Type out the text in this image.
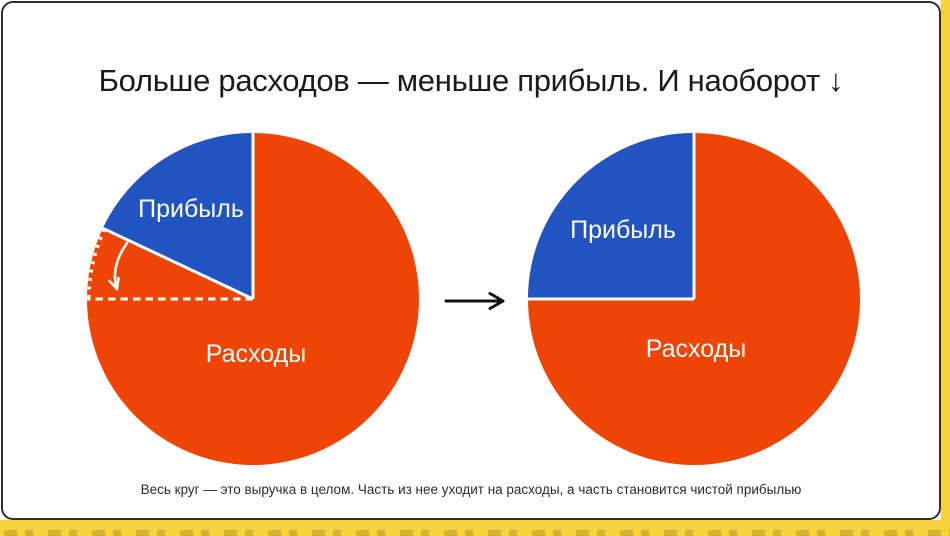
Больше расходов — меньше прибыль. И наоборот ↓
Прибыль
Расходы
Прибыль
Расходы
Весь круг — это выручка в целом. Часть из нее уходит на расходы, а часть становится чистой прибылью
